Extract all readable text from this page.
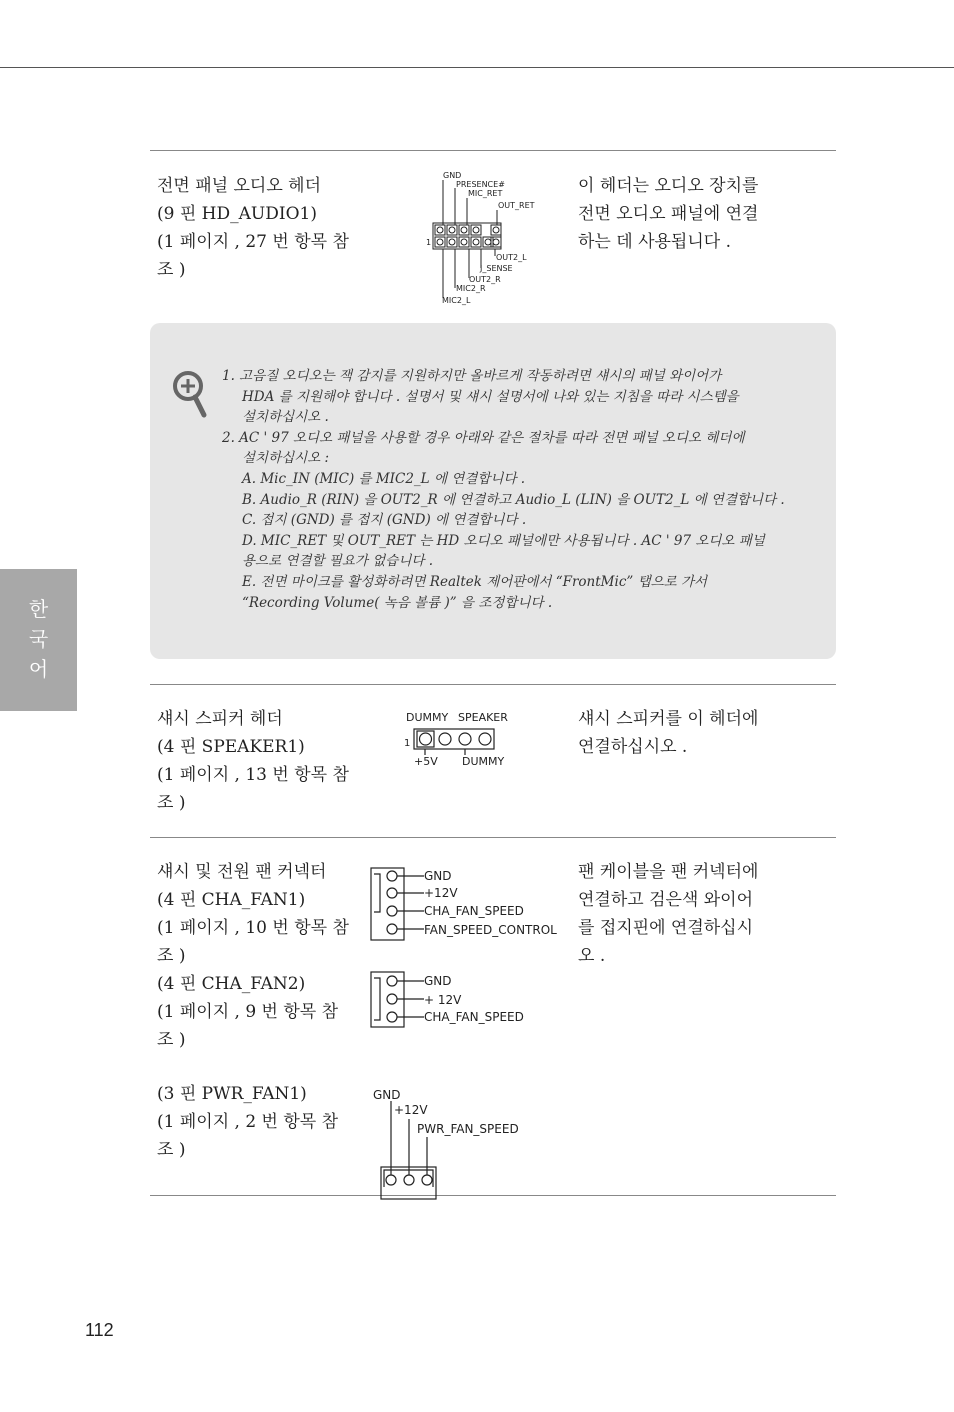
한
국
어
전면 패널 오디오 헤더
(9 핀 HD_AUDIO1)
(1 페이지 , 27 번 항목 참
조 )
GND
PRESENCE#
MIC_RET
OUT_RET
OUT2_L
J_SENSE
OUT2_R
MIC2_R
MIC2_L
1
이 헤더는 오디오 장치를
전면 오디오 패널에 연결
하는 데 사용됩니다 .
1. 고음질 오디오는 잭 감지를 지원하지만 올바르게 작동하려면 섀시의 패널 와이어가
HDA 를 지원해야 합니다 . 설명서 및 섀시 설명서에 나와 있는 지침을 따라 시스템을
설치하십시오 .
2. AC ' 97 오디오 패널을 사용할 경우 아래와 같은 절차를 따라 전면 패널 오디오 헤더에
설치하십시오 :
A. Mic_IN (MIC) 를 MIC2_L 에 연결합니다 .
B. Audio_R (RIN) 을 OUT2_R 에 연결하고 Audio_L (LIN) 을 OUT2_L 에 연결합니다 .
C. 접지 (GND) 를 접지 (GND) 에 연결합니다 .
D. MIC_RET 및 OUT_RET 는 HD 오디오 패널에만 사용됩니다 . AC ' 97 오디오 패널
용으로 연결할 필요가 없습니다 .
E. 전면 마이크를 활성화하려면 Realtek 제어판에서 “FrontMic” 탭으로 가서
“Recording Volume( 녹음 볼륨 )” 을 조정합니다 .
섀시 스피커 헤더
(4 핀 SPEAKER1)
(1 페이지 , 13 번 항목 참
조 )
DUMMY SPEAKER
1
+5V DUMMY
섀시 스피커를 이 헤더에
연결하십시오 .
섀시 및 전원 팬 커넥터
(4 핀 CHA_FAN1)
(1 페이지 , 10 번 항목 참
조 )
(4 핀 CHA_FAN2)
(1 페이지 , 9 번 항목 참
조 )
(3 핀 PWR_FAN1)
(1 페이지 , 2 번 항목 참
조 )
GND
+12V
CHA_FAN_SPEED
FAN_SPEED_CONTROL
GND
+ 12V
CHA_FAN_SPEED
GND
+12V
PWR_FAN_SPEED
팬 케이블을 팬 커넥터에
연결하고 검은색 와이어
를 접지핀에 연결하십시
오 .
112
